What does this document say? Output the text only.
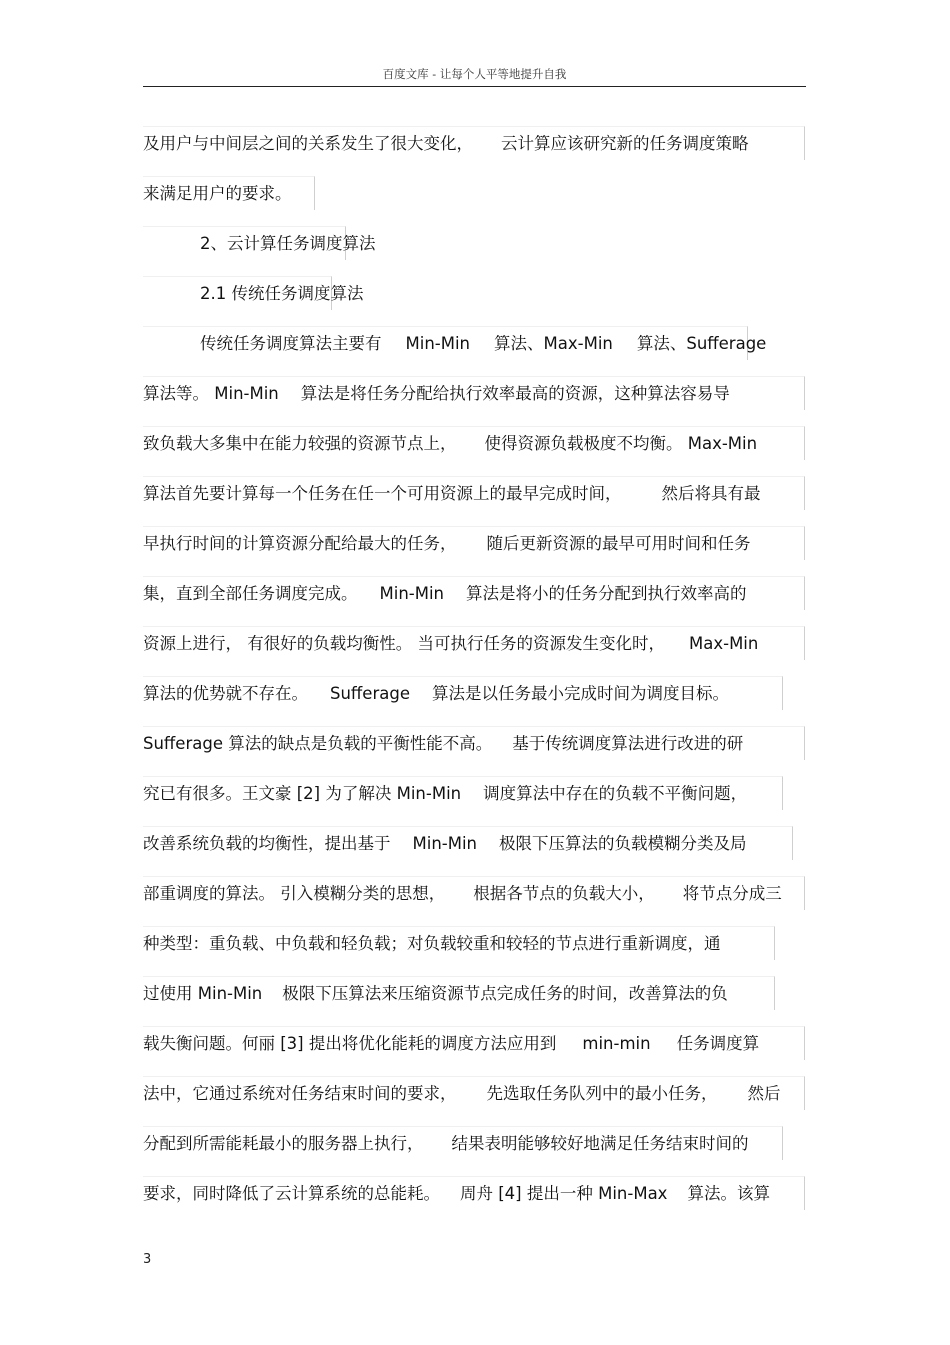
百度文库 - 让每个人平等地提升自我
及用户与中间层之间的关系发生了很大变化， 云计算应该研究新的任务调度策略
来满足用户的要求。
2、云计算任务调度算法
2.1 传统任务调度算法
传统任务调度算法主要有 Min-Min 算法、Max-Min 算法、Sufferage
算法等。 Min-Min 算法是将任务分配给执行效率最高的资源，这种算法容易导
致负载大多集中在能力较强的资源节点上， 使得资源负载极度不均衡。 Max-Min
算法首先要计算每一个任务在任一个可用资源上的最早完成时间， 然后将具有最
早执行时间的计算资源分配给最大的任务， 随后更新资源的最早可用时间和任务
集，直到全部任务调度完成。 Min-Min 算法是将小的任务分配到执行效率高的
资源上进行， 有很好的负载均衡性。 当可执行任务的资源发生变化时， Max-Min
算法的优势就不存在。 Sufferage 算法是以任务最小完成时间为调度目标。
Sufferage 算法的缺点是负载的平衡性能不高。 基于传统调度算法进行改进的研
究已有很多。王文豪 [2] 为了解决 Min-Min 调度算法中存在的负载不平衡问题，
改善系统负载的均衡性，提出基于 Min-Min 极限下压算法的负载模糊分类及局
部重调度的算法。 引入模糊分类的思想， 根据各节点的负载大小， 将节点分成三
种类型：重负载、中负载和轻负载；对负载较重和较轻的节点进行重新调度，通
过使用 Min-Min 极限下压算法来压缩资源节点完成任务的时间，改善算法的负
载失衡问题。何丽 [3] 提出将优化能耗的调度方法应用到 min-min 任务调度算
法中，它通过系统对任务结束时间的要求， 先选取任务队列中的最小任务， 然后
分配到所需能耗最小的服务器上执行， 结果表明能够较好地满足任务结束时间的
要求，同时降低了云计算系统的总能耗。 周舟 [4] 提出一种 Min-Max 算法。该算
3
